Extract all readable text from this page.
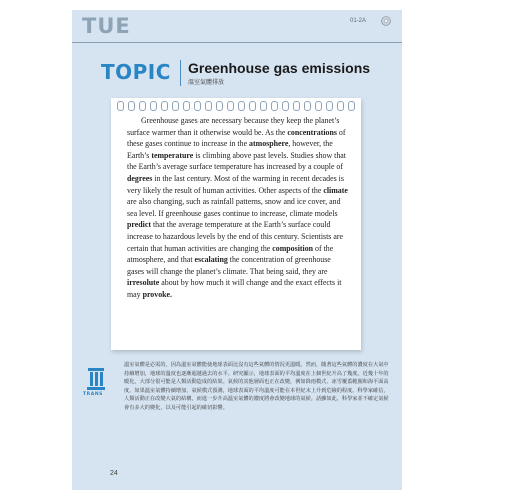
TUE	01-2A
TOPIC Greenhouse gas emissions
溫室氣體排放
Greenhouse gases are necessary because they keep the planet’s surface warmer than it otherwise would be. As the concentrations of these gases continue to increase in the atmosphere, however, the Earth’s temperature is climbing above past levels. Studies show that the Earth’s average surface temperature has increased by a couple of degrees in the last century. Most of the warming in recent decades is very likely the result of human activities. Other aspects of the climate are also changing, such as rainfall patterns, snow and ice cover, and sea level. If greenhouse gases continue to increase, climate models predict that the average temperature at the Earth’s surface could increase to hazardous levels by the end of this century. Scientists are certain that human activities are changing the composition of the atmosphere, and that escalating the concentration of greenhouse gases will change the planet’s climate. That being said, they are irresolute about by how much it will change and the exact effects it may provoke.
TRANS
溫室氣體是必需的，因為溫室氣體能使地球表面比沒有這些氣體的情況更溫暖。然而，隨著這些氣體的濃度在大氣中持續增加，地球的溫度也逐漸超越過去的水平。研究顯示，地球表面的平均溫度在上個世紀升高了幾度。近幾十年的暖化，大部分很可能是人類活動造成的結果。氣候的其他層面也正在改變，例如降雨模式、冰雪覆蓋範圍和海平面高度。如果溫室氣體持續增加，氣候模式預測，地球表面的平均溫度可能在本世紀末上升到危險的程度。科學家確信，人類活動正在改變大氣的結構，而進一步升高溫室氣體的濃度將會改變地球的氣候。話雖如此，科學家並不確定氣候會有多大的變化，以及可能引起的確切影響。
24
